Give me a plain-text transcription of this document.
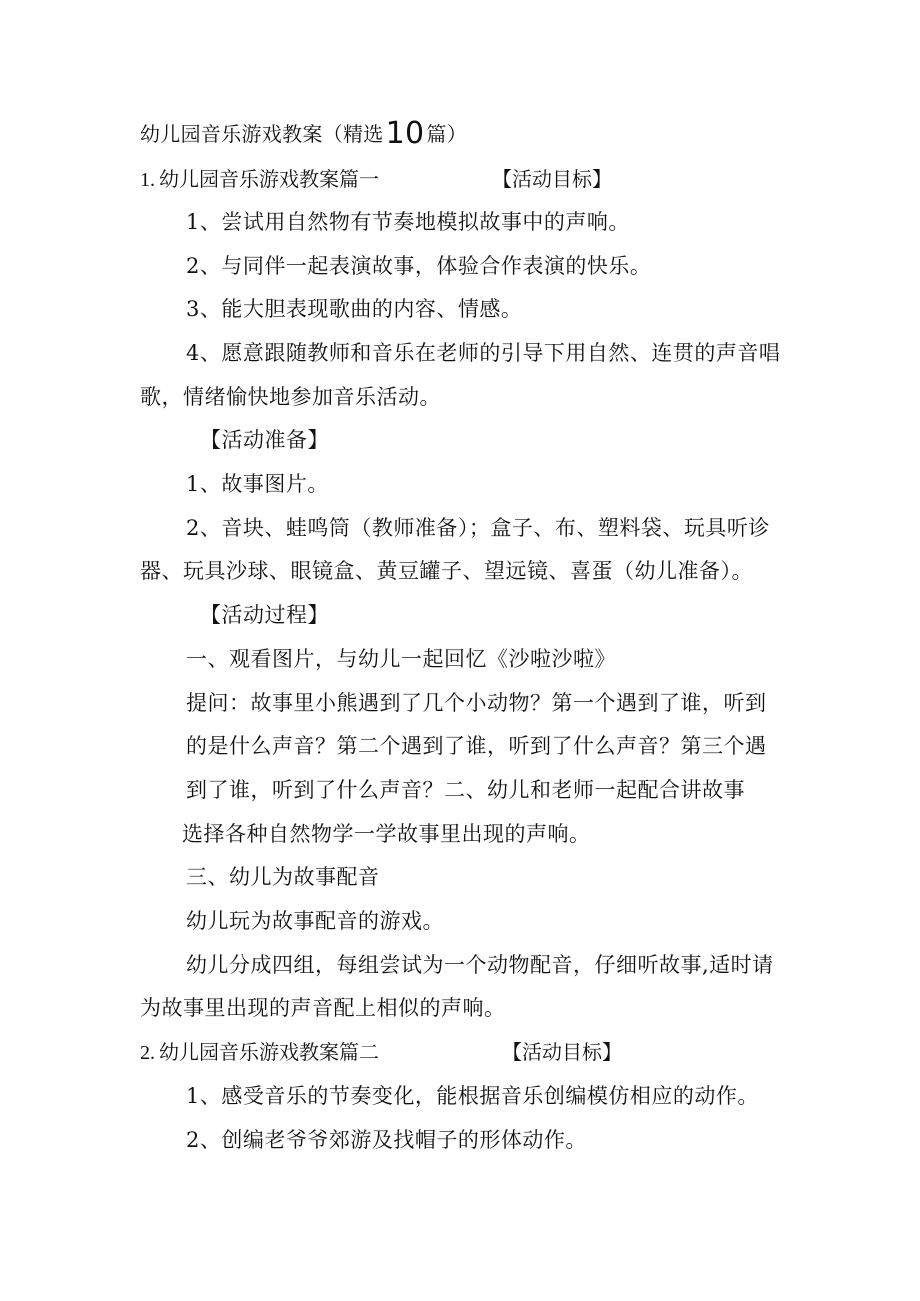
幼儿园音乐游戏教案（精选10 篇）
1. 幼儿园音乐游戏教案篇一	【活动目标】
1、尝试用自然物有节奏地模拟故事中的声响。
2、与同伴一起表演故事，体验合作表演的快乐。
3、能大胆表现歌曲的内容、情感。
4、愿意跟随教师和音乐在老师的引导下用自然、连贯的声音唱
歌，情绪愉快地参加音乐活动。
【活动准备】
1、故事图片。
2、音块、蛙鸣筒（教师准备）；盒子、布、塑料袋、玩具听诊
器、玩具沙球、眼镜盒、黄豆罐子、望远镜、喜蛋（幼儿准备）。
【活动过程】
一、观看图片，与幼儿一起回忆《沙啦沙啦》
提问：故事里小熊遇到了几个小动物？第一个遇到了谁，听到
的是什么声音？第二个遇到了谁，听到了什么声音？第三个遇
到了谁，听到了什么声音？二、幼儿和老师一起配合讲故事
选择各种自然物学一学故事里出现的声响。
三、幼儿为故事配音
幼儿玩为故事配音的游戏。
幼儿分成四组，每组尝试为一个动物配音，仔细听故事,适时请
为故事里出现的声音配上相似的声响。
2. 幼儿园音乐游戏教案篇二	【活动目标】
1、感受音乐的节奏变化，能根据音乐创编模仿相应的动作。
2、创编老爷爷郊游及找帽子的形体动作。
